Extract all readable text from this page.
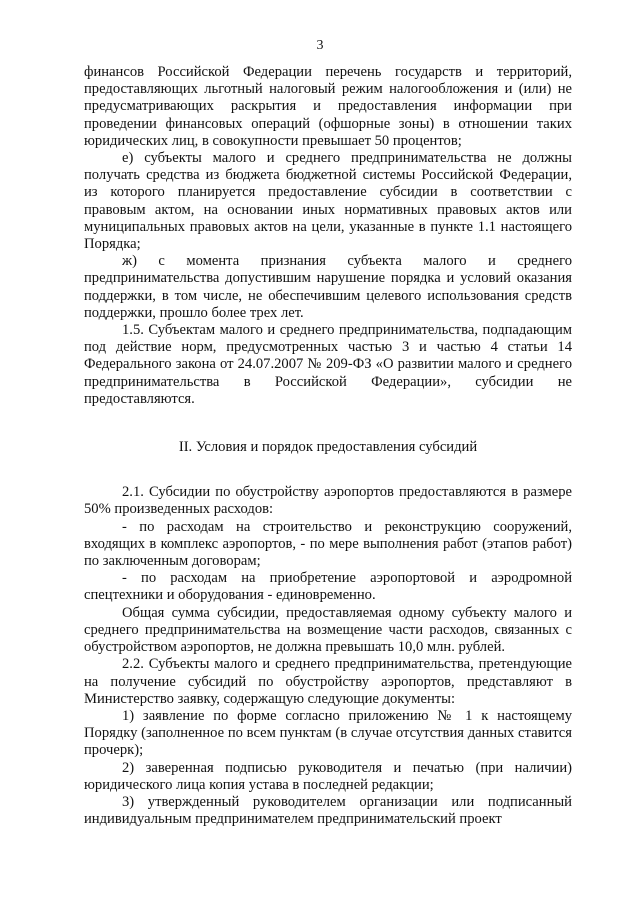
3

финансов Российской Федерации перечень государств и территорий, предоставляющих льготный налоговый режим налогообложения и (или) не предусматривающих раскрытия и предоставления информации при проведении финансовых операций (офшорные зоны) в отношении таких юридических лиц, в совокупности превышает 50 процентов;

е) субъекты малого и среднего предпринимательства не должны получать средства из бюджета бюджетной системы Российской Федерации, из которого планируется предоставление субсидии в соответствии с правовым актом, на основании иных нормативных правовых актов или муниципальных правовых актов на цели, указанные в пункте 1.1 настоящего Порядка;

ж) с момента признания субъекта малого и среднего предпринимательства допустившим нарушение порядка и условий оказания поддержки, в том числе, не обеспечившим целевого использования средств поддержки, прошло более трех лет.

1.5. Субъектам малого и среднего предпринимательства, подпадающим под действие норм, предусмотренных частью 3 и частью 4 статьи 14 Федерального закона от 24.07.2007 № 209-ФЗ «О развитии малого и среднего предпринимательства в Российской Федерации», субсидии не предоставляются.

II. Условия и порядок предоставления субсидий

2.1. Субсидии по обустройству аэропортов предоставляются в размере 50% произведенных расходов:

- по расходам на строительство и реконструкцию сооружений, входящих в комплекс аэропортов, - по мере выполнения работ (этапов работ) по заключенным договорам;

- по расходам на приобретение аэропортовой и аэродромной спецтехники и оборудования - единовременно.

Общая сумма субсидии, предоставляемая одному субъекту малого и среднего предпринимательства на возмещение части расходов, связанных с обустройством аэропортов, не должна превышать 10,0 млн. рублей.

2.2. Субъекты малого и среднего предпринимательства, претендующие на получение субсидий по обустройству аэропортов, представляют в Министерство заявку, содержащую следующие документы:

1) заявление по форме согласно приложению № 1 к настоящему Порядку (заполненное по всем пунктам (в случае отсутствия данных ставится прочерк);

2) заверенная подписью руководителя и печатью (при наличии) юридического лица копия устава в последней редакции;

3) утвержденный руководителем организации или подписанный индивидуальным предпринимателем предпринимательский проект
